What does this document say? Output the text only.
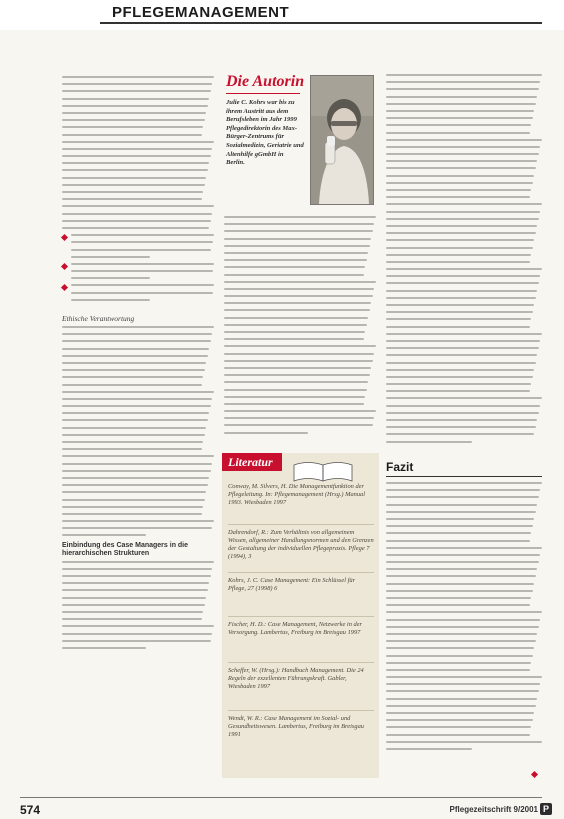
PFLEGEMANAGEMENT
Ethische Verantwortung
Einbindung des Case Managers in die hierarchischen Strukturen
Die Autorin
Julie C. Kohrs war bis zu ihrem Austritt aus dem Berufsleben im Jahr 1999 Pflegedirektorin des Max-Bürger-Zentrums für Sozialmedizin, Geriatrie und Altenhilfe gGmbH in Berlin.
Literatur
Conway, M. Silvers, H. Die Managementfunktion der Pflegeleitung. In: Pflegemanagement (Hrsg.) Manual 1993. Wiesbaden 1997
Dahrendorf, R.: Zum Verhältnis von allgemeinem Wissen, allgemeiner Handlungsnormen und den Grenzen der Gestaltung der individuellen Pflegepraxis. Pflege 7 (1994), 3
Kohrs, J. C. Case Management: Ein Schlüssel für Pflege, 27 (1998) 6
Fischer, H. D.: Case Management, Netzwerke in der Versorgung. Lambertus, Freiburg im Breisgau 1997
Scheffer, W. (Hrsg.): Handbuch Management. Die 24 Regeln der exzellenten Führungskraft. Gabler, Wiesbaden 1997
Wendt, W. R.: Case Management im Sozial- und Gesundheitswesen. Lambertus, Freiburg im Breisgau 1991
Fazit
574	Pflegezeitschrift 9/2001 P
